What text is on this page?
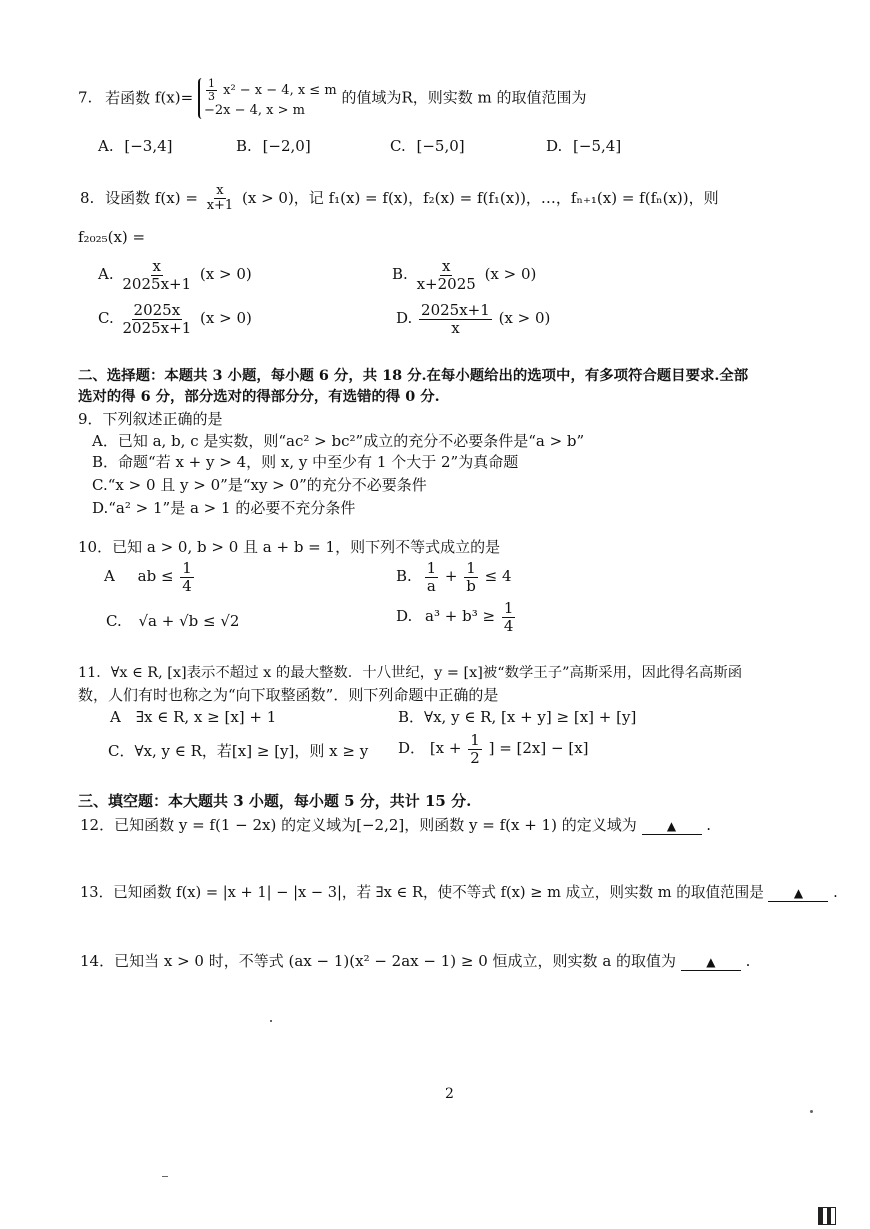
7. 若函数 $f(x)= \frac{1}{3} x^2 - x - 4$, x ≤ m
−2x − 4, x > m
的值域为R，则实数 m 的取值范围为
A. [−3,4]	B. [−2,0]	C. [−5,0]	D. [−5,4]
8. 设函数 $f(x) = \frac{x}{x+1} (x > 0)$，记 f₁(x) = f(x)，f₂(x) = f(f₁(x))，…，fₙ₊₁(x) = f(fₙ(x))，则
f₂₀₂₅(x) =
A. $\frac{x}{2025x+1} (x > 0)$	B. $\frac{x}{x+2025} (x > 0)$
C. $\frac{2025x}{2025x+1} (x > 0)$	D. $\frac{2025x+1}{x} (x > 0)$
二、选择题：本题共 3 小题，每小题 6 分，共 18 分.在每小题给出的选项中，有多项符合题目要求.全部
选对的得 6 分，部分选对的得部分分，有选错的得 0 分.
9．下列叙述正确的是
A．已知 a, b, c 是实数，则“ac² > bc²”成立的充分不必要条件是“a > b”
B．命题“若 x + y > 4，则 x, y 中至少有 1 个大于 2”为真命题
C.“x > 0 且 y > 0”是“xy > 0”的充分不必要条件
D.“a² > 1”是 a > 1 的必要不充分条件
10．已知 a > 0, b > 0 且 a + b = 1，则下列不等式成立的是
A ab ≤ $\frac{1}{4}$	B. $\frac{1}{a} + \frac{1}{b} \le 4$
C. √a + √b ≤ √2	D. $a^3 + b^3 \ge \frac{1}{4}$
11．∀x ∈ R, [x]表示不超过 x 的最大整数．十八世纪，y = [x]被“数学王子”高斯采用，因此得名高斯函
数，人们有时也称之为“向下取整函数”．则下列命题中正确的是
A　∃x ∈ R, x ≥ [x] + 1	B．∀x, y ∈ R, [x + y] ≥ [x] + [y]
C．∀x, y ∈ R，若[x] ≥ [y]，则 x ≥ y D． [$x + \frac{1}{2}$ ] = [2x] − [x]
三、填空题：本大题共 3 小题，每小题 5 分，共计 15 分.
12．已知函数 y = f(1 − 2x) 的定义域为[−2,2]，则函数 y = f(x + 1) 的定义域为	▲ .
13．已知函数 f(x) = |x + 1| − |x − 3|，若 ∃x ∈ R，使不等式 f(x) ≥ m 成立，则实数 m 的取值范围是	▲ .
14．已知当 x > 0 时，不等式 (ax − 1)(x² − 2ax − 1) ≥ 0 恒成立，则实数 a 的取值为	▲ .
2
